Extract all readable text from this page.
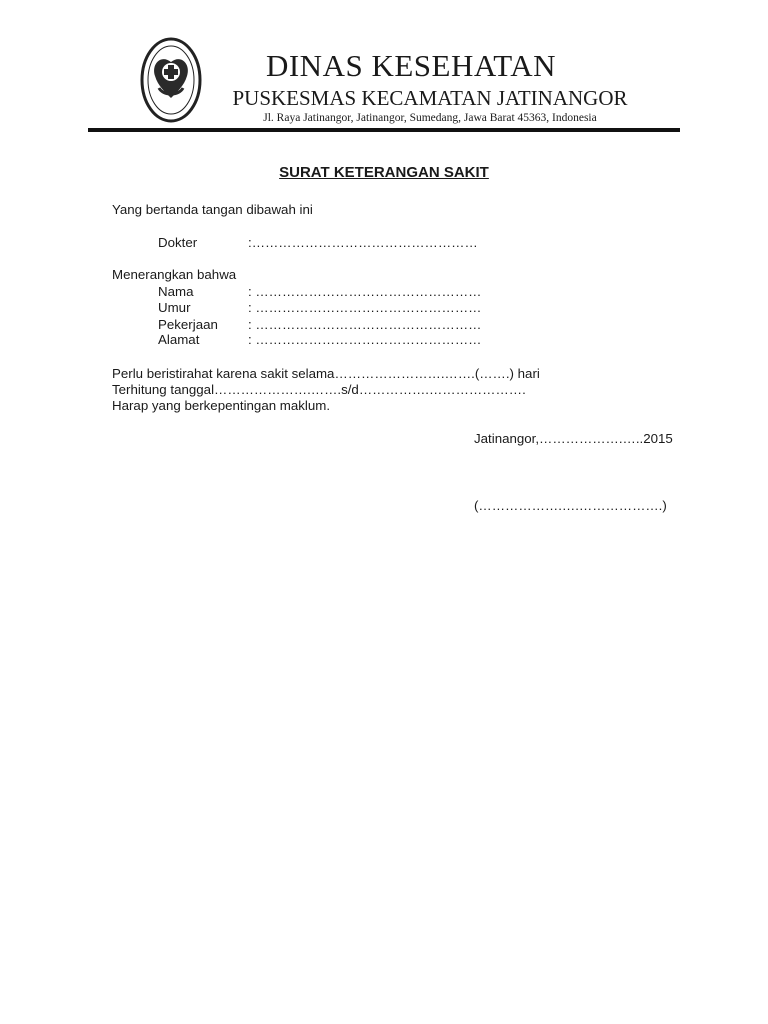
DINAS KESEHATAN
PUSKESMAS KECAMATAN JATINANGOR
Jl. Raya Jatinangor, Jatinangor, Sumedang, Jawa Barat 45363, Indonesia
SURAT KETERANGAN SAKIT

Yang bertanda tangan dibawah ini

Dokter	:……………………………………………

Menerangkan bahwa

Nama	: ……………………………………………
Umur	: ……………………………………………
Pekerjaan : ……………………………………………
Alamat	: ……………………………………………

Perlu beristirahat karena sakit selama…………………….…….(…….) hari

Terhitung tanggal………………….…….s/d…………….………………….

Harap yang berkepentingan maklum.

Jatinangor,……………….…..2015

(……………….….……………….)
